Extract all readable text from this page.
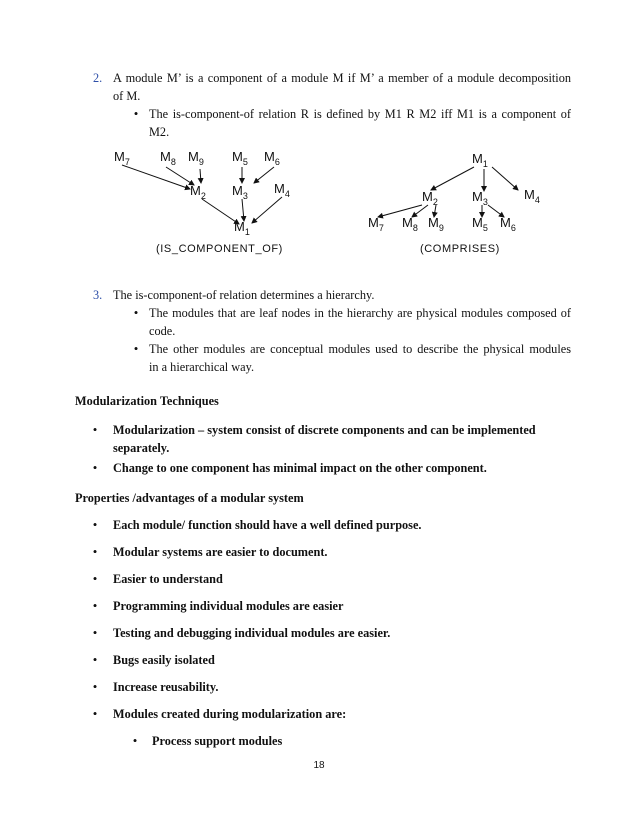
2. A module M’ is a component of a module M if M’ a member of a module decomposition
of M.
• The is-component-of relation R is defined by M1 R M2 iff M1 is a component of
M2.
$M_7$ $M_8$ $M_9$ $M_5$ $M_6$
$M_2$ $M_3$ $M_4$
$M_1$
(IS_COMPONENT_OF)
$M_1$
$M_2$	$M_3$	$M_4$
$M_7$ $M_8$ $M_9$ $M_5$ $M_6$
(COMPRISES)
3. The is-component-of relation determines a hierarchy.
• The modules that are leaf nodes in the hierarchy are physical modules composed of
code.
• The other modules are conceptual modules used to describe the physical modules
in a hierarchical way.
Modularization Techniques
• Modularization – system consist of discrete components and can be implemented
separately.
• Change to one component has minimal impact on the other component.
Properties /advantages of a modular system
• Each module/ function should have a well defined purpose.
• Modular systems are easier to document.
• Easier to understand
• Programming individual modules are easier
• Testing and debugging individual modules are easier.
• Bugs easily isolated
• Increase reusability.
• Modules created during modularization are:
• Process support modules
18
